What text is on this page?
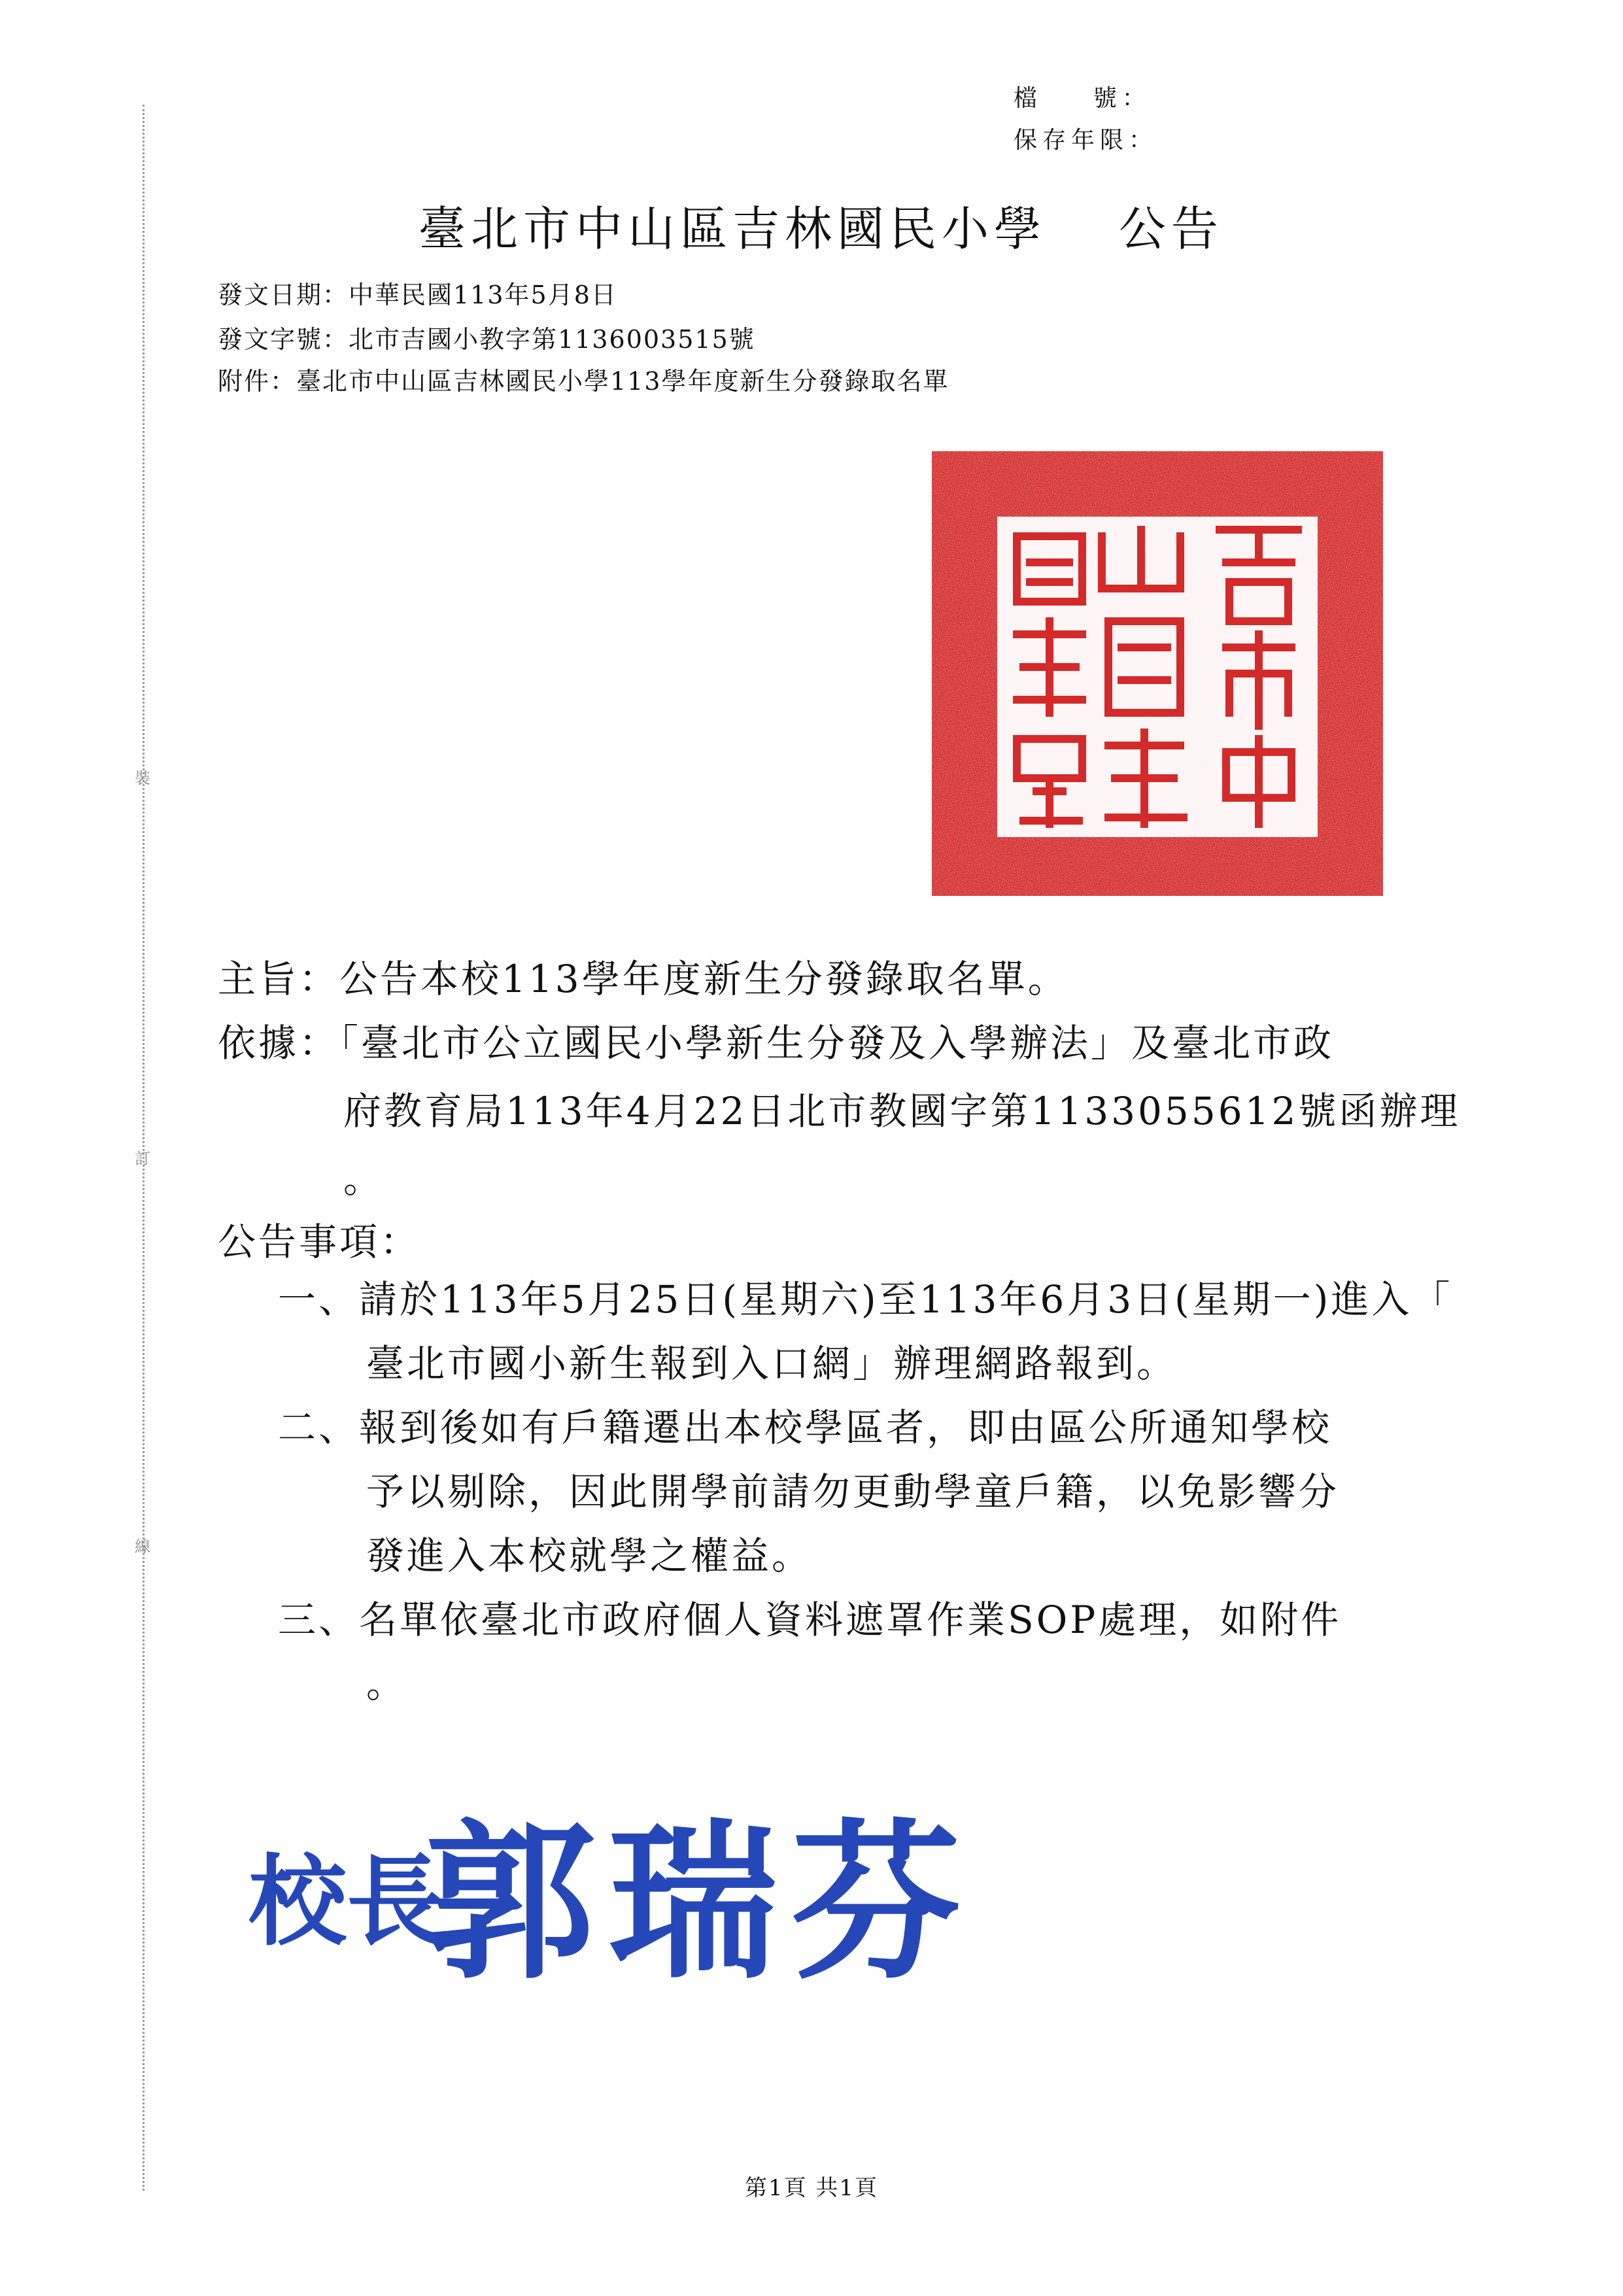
裝
訂
線
檔    號：
保存年限：
臺北市中山區吉林國民小學　 公告
發文日期：中華民國113年5月8日
發文字號：北市吉國小教字第1136003515號
附件：臺北市中山區吉林國民小學113學年度新生分發錄取名單
主旨：公告本校113學年度新生分發錄取名單。
依據：「臺北市公立國民小學新生分發及入學辦法」及臺北市政
府教育局113年4月22日北市教國字第1133055612號函辦理
。
公告事項：
一、請於113年5月25日(星期六)至113年6月3日(星期一)進入「
臺北市國小新生報到入口網」辦理網路報到。
二、報到後如有戶籍遷出本校學區者，即由區公所通知學校
予以剔除，因此開學前請勿更動學童戶籍，以免影響分
發進入本校就學之權益。
三、名單依臺北市政府個人資料遮罩作業SOP處理，如附件
。
校長
郭瑞芬
第1頁 共1頁
